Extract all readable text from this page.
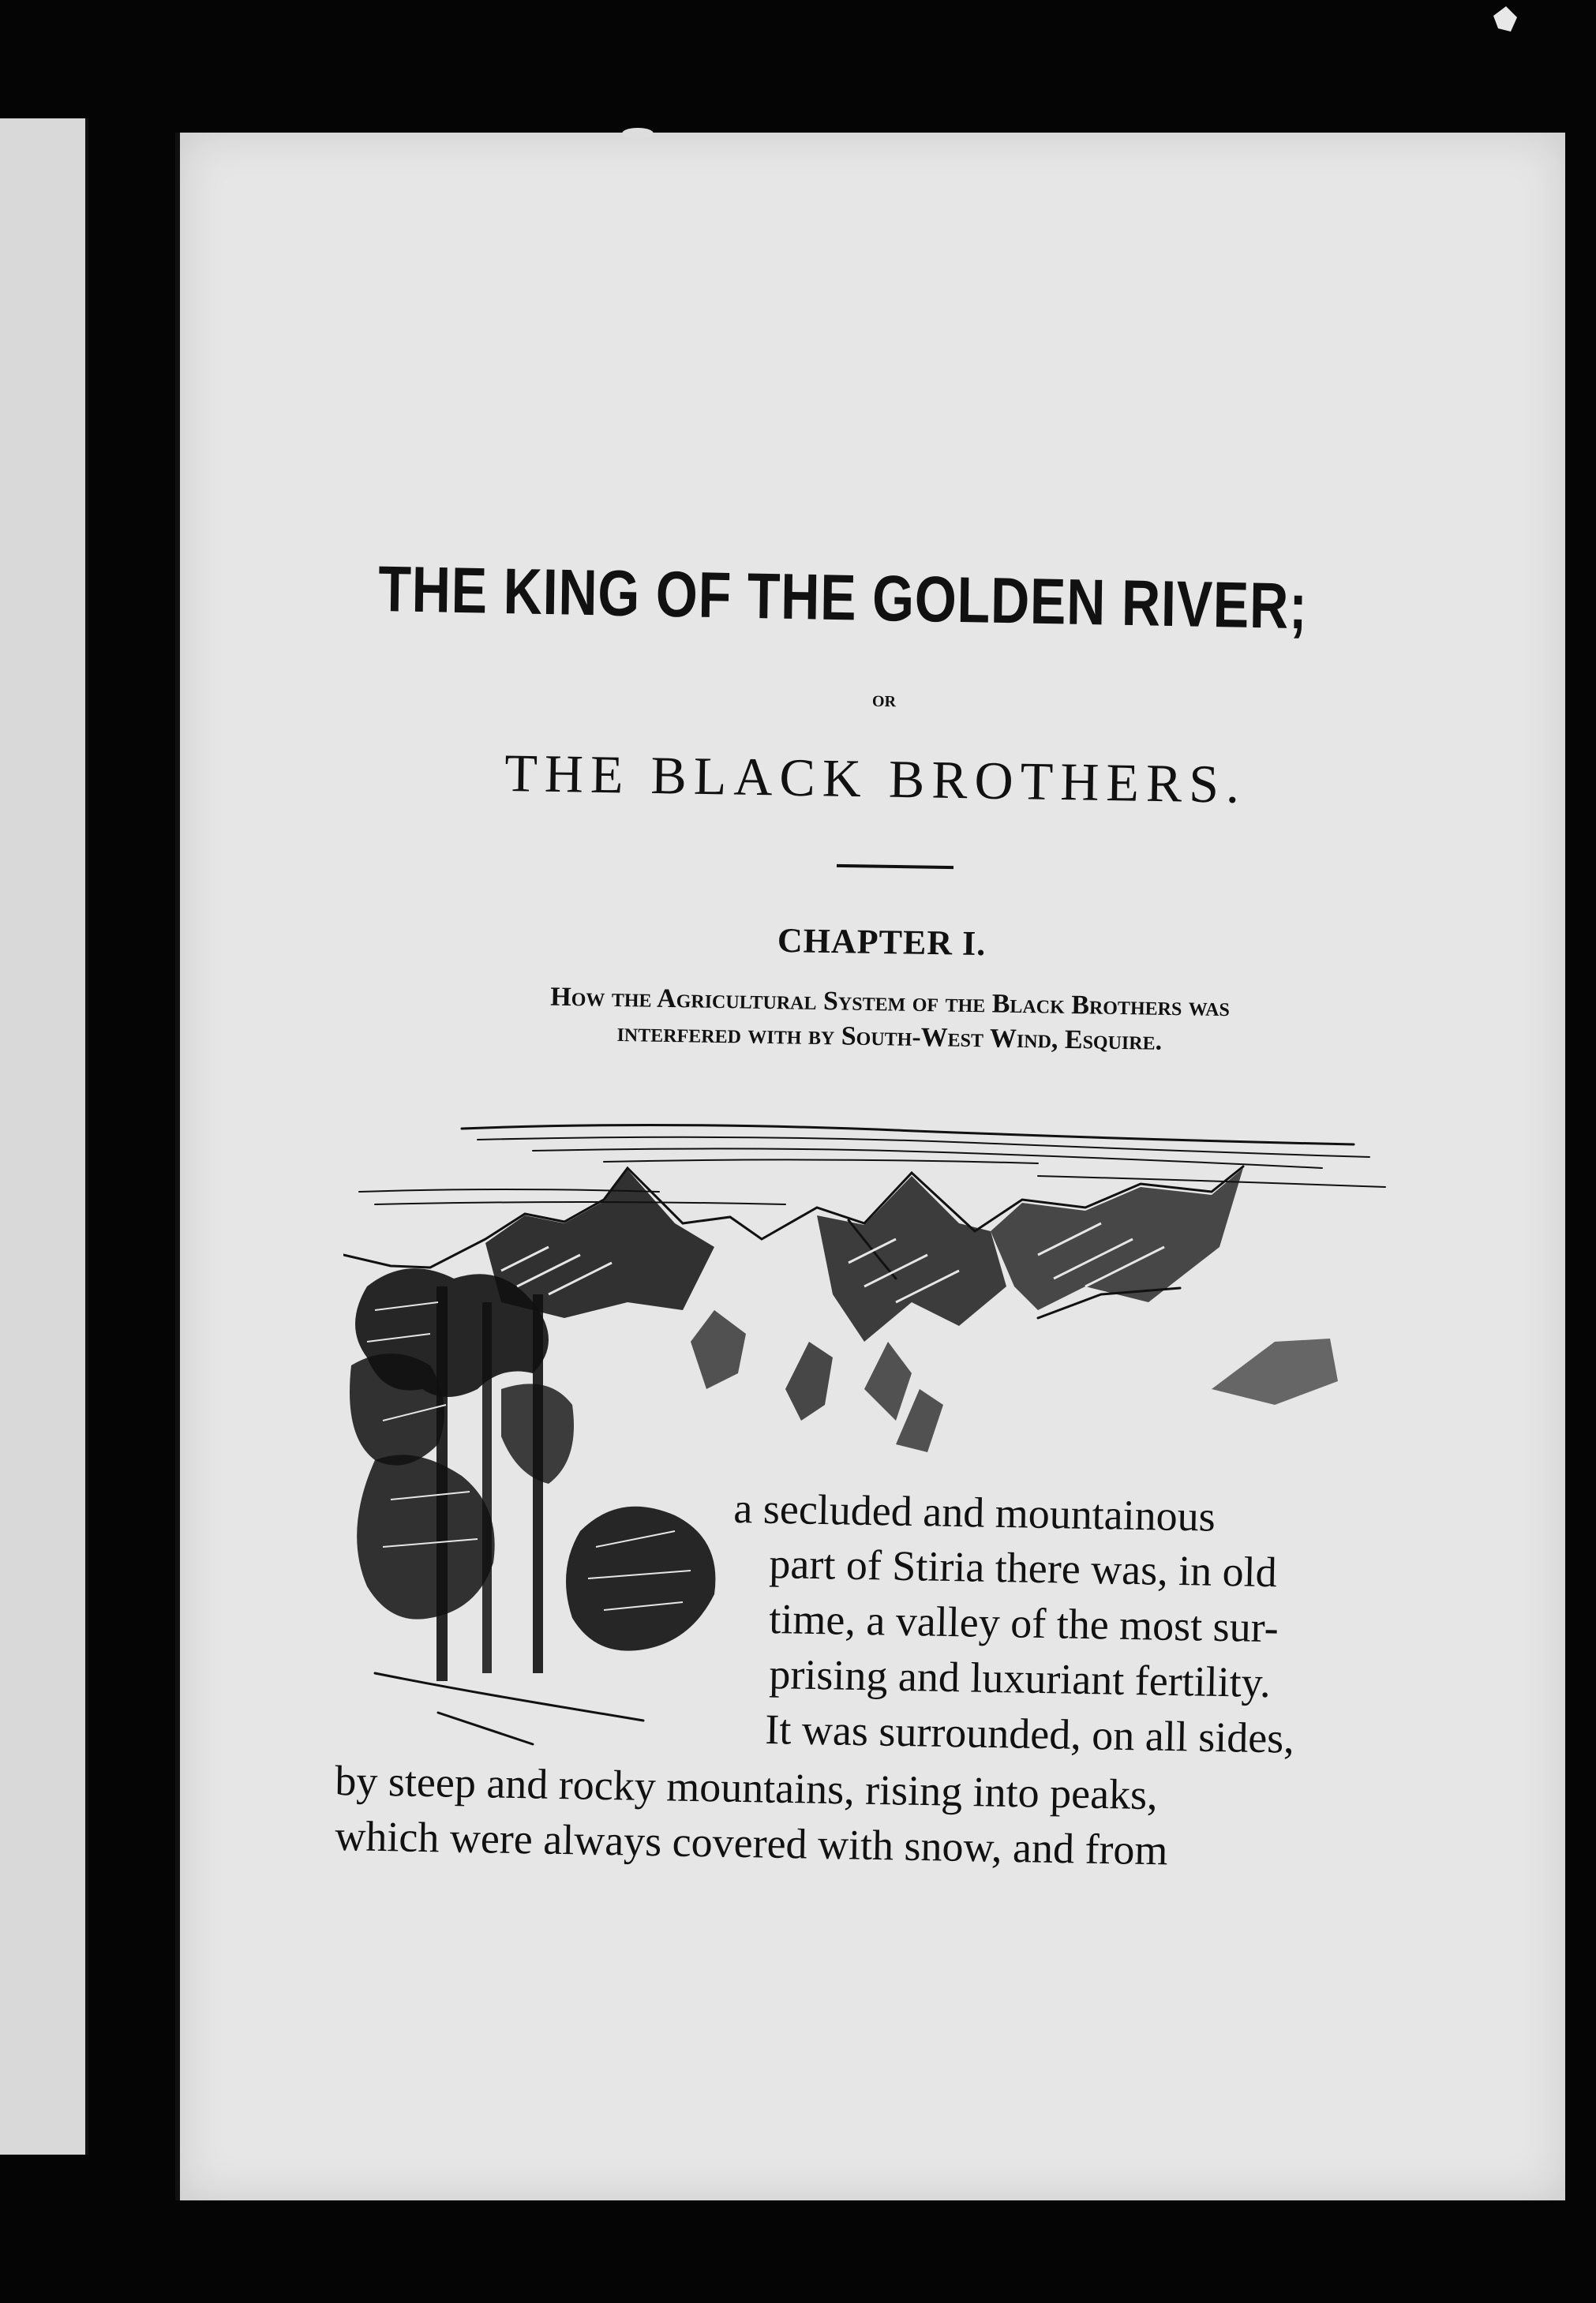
THE KING OF THE GOLDEN RIVER;
OR
THE BLACK BROTHERS.
CHAPTER I.
How the Agricultural System of the Black Brothers was
interfered with by South-West Wind, Esquire.
a secluded and mountainous
part of Stiria there was, in old
time, a valley of the most sur-
prising and luxuriant fertility.
It was surrounded, on all sides,
by steep and rocky mountains, rising into peaks,
which were always covered with snow, and from
